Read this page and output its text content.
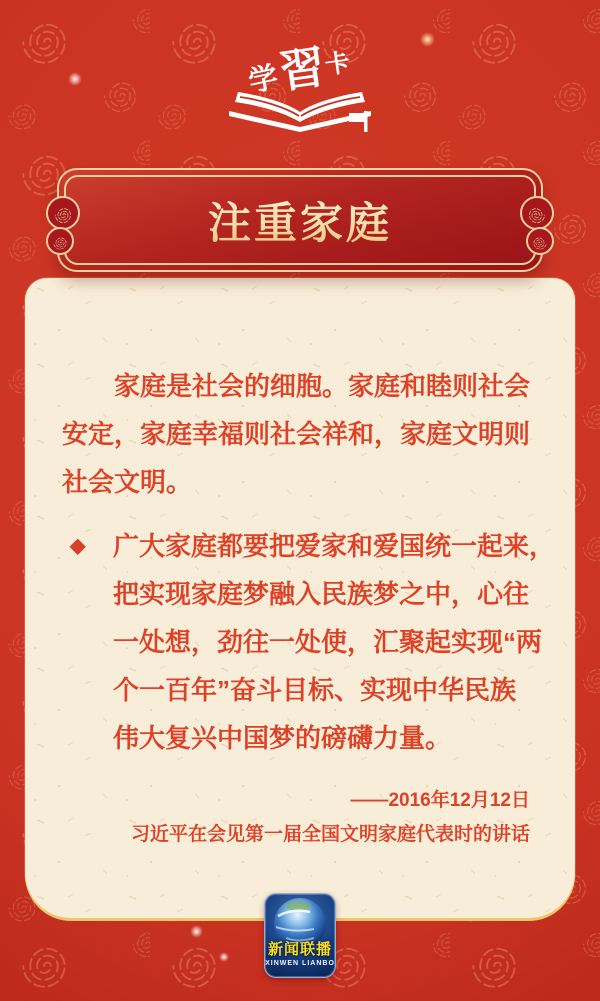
学
習
卡
注重家庭
家庭是社会的细胞。家庭和睦则社会
安定，家庭幸福则社会祥和，家庭文明则
社会文明。
◆ 广大家庭都要把爱家和爱国统一起来，
把实现家庭梦融入民族梦之中，心往
一处想，劲往一处使，汇聚起实现“两
个一百年”奋斗目标、实现中华民族
伟大复兴中国梦的磅礴力量。
——2016年12月12日
习近平在会见第一届全国文明家庭代表时的讲话
新闻联播
XINWEN LIANBO
